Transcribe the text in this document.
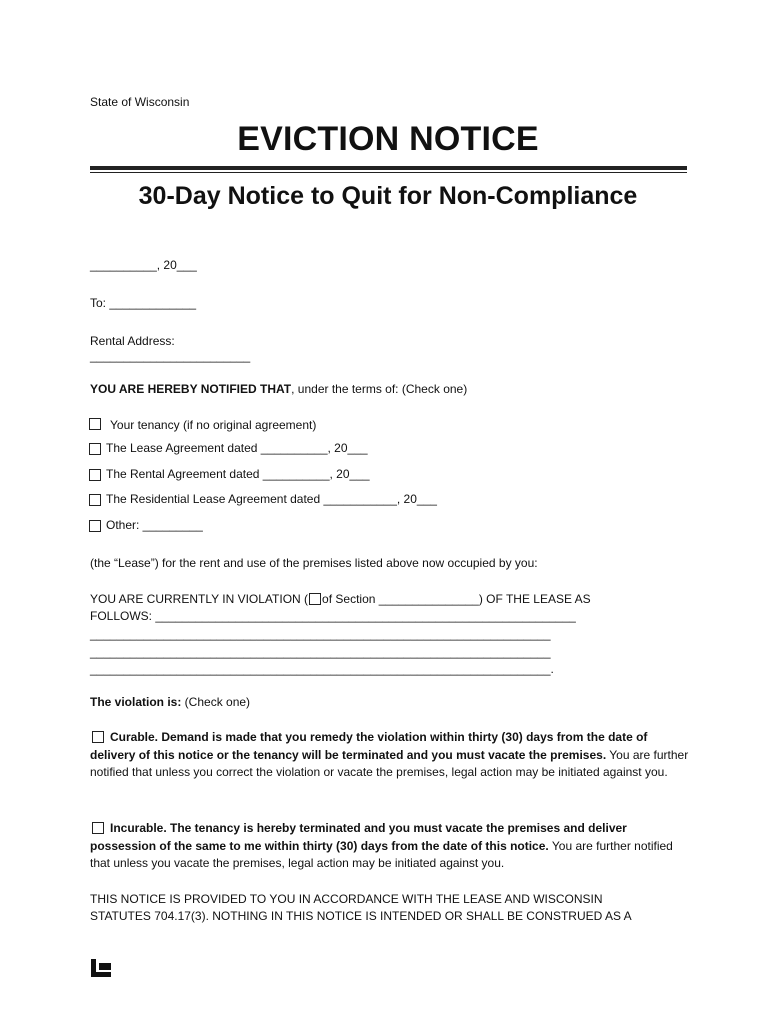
State of Wisconsin
EVICTION NOTICE
30-Day Notice to Quit for Non-Compliance
__________, 20___
To: _____________
Rental Address:
________________________
YOU ARE HEREBY NOTIFIED THAT, under the terms of: (Check one)
Your tenancy (if no original agreement)
The Lease Agreement dated __________, 20___
The Rental Agreement dated __________, 20___
The Residential Lease Agreement dated ___________, 20___
Other: _________
(the “Lease”) for the rent and use of the premises listed above now occupied by you:
YOU ARE CURRENTLY IN VIOLATION ( of Section _______________) OF THE LEASE AS
FOLLOWS: _______________________________________________________________
_____________________________________________________________________
_____________________________________________________________________
_____________________________________________________________________.
The violation is: (Check one)
Curable. Demand is made that you remedy the violation within thirty (30) days from the date of delivery of this notice or the tenancy will be terminated and you must vacate the premises. You are further notified that unless you correct the violation or vacate the premises, legal action may be initiated against you.
Incurable. The tenancy is hereby terminated and you must vacate the premises and deliver possession of the same to me within thirty (30) days from the date of this notice. You are further notified that unless you vacate the premises, legal action may be initiated against you.
THIS NOTICE IS PROVIDED TO YOU IN ACCORDANCE WITH THE LEASE AND WISCONSIN
STATUTES 704.17(3). NOTHING IN THIS NOTICE IS INTENDED OR SHALL BE CONSTRUED AS A
